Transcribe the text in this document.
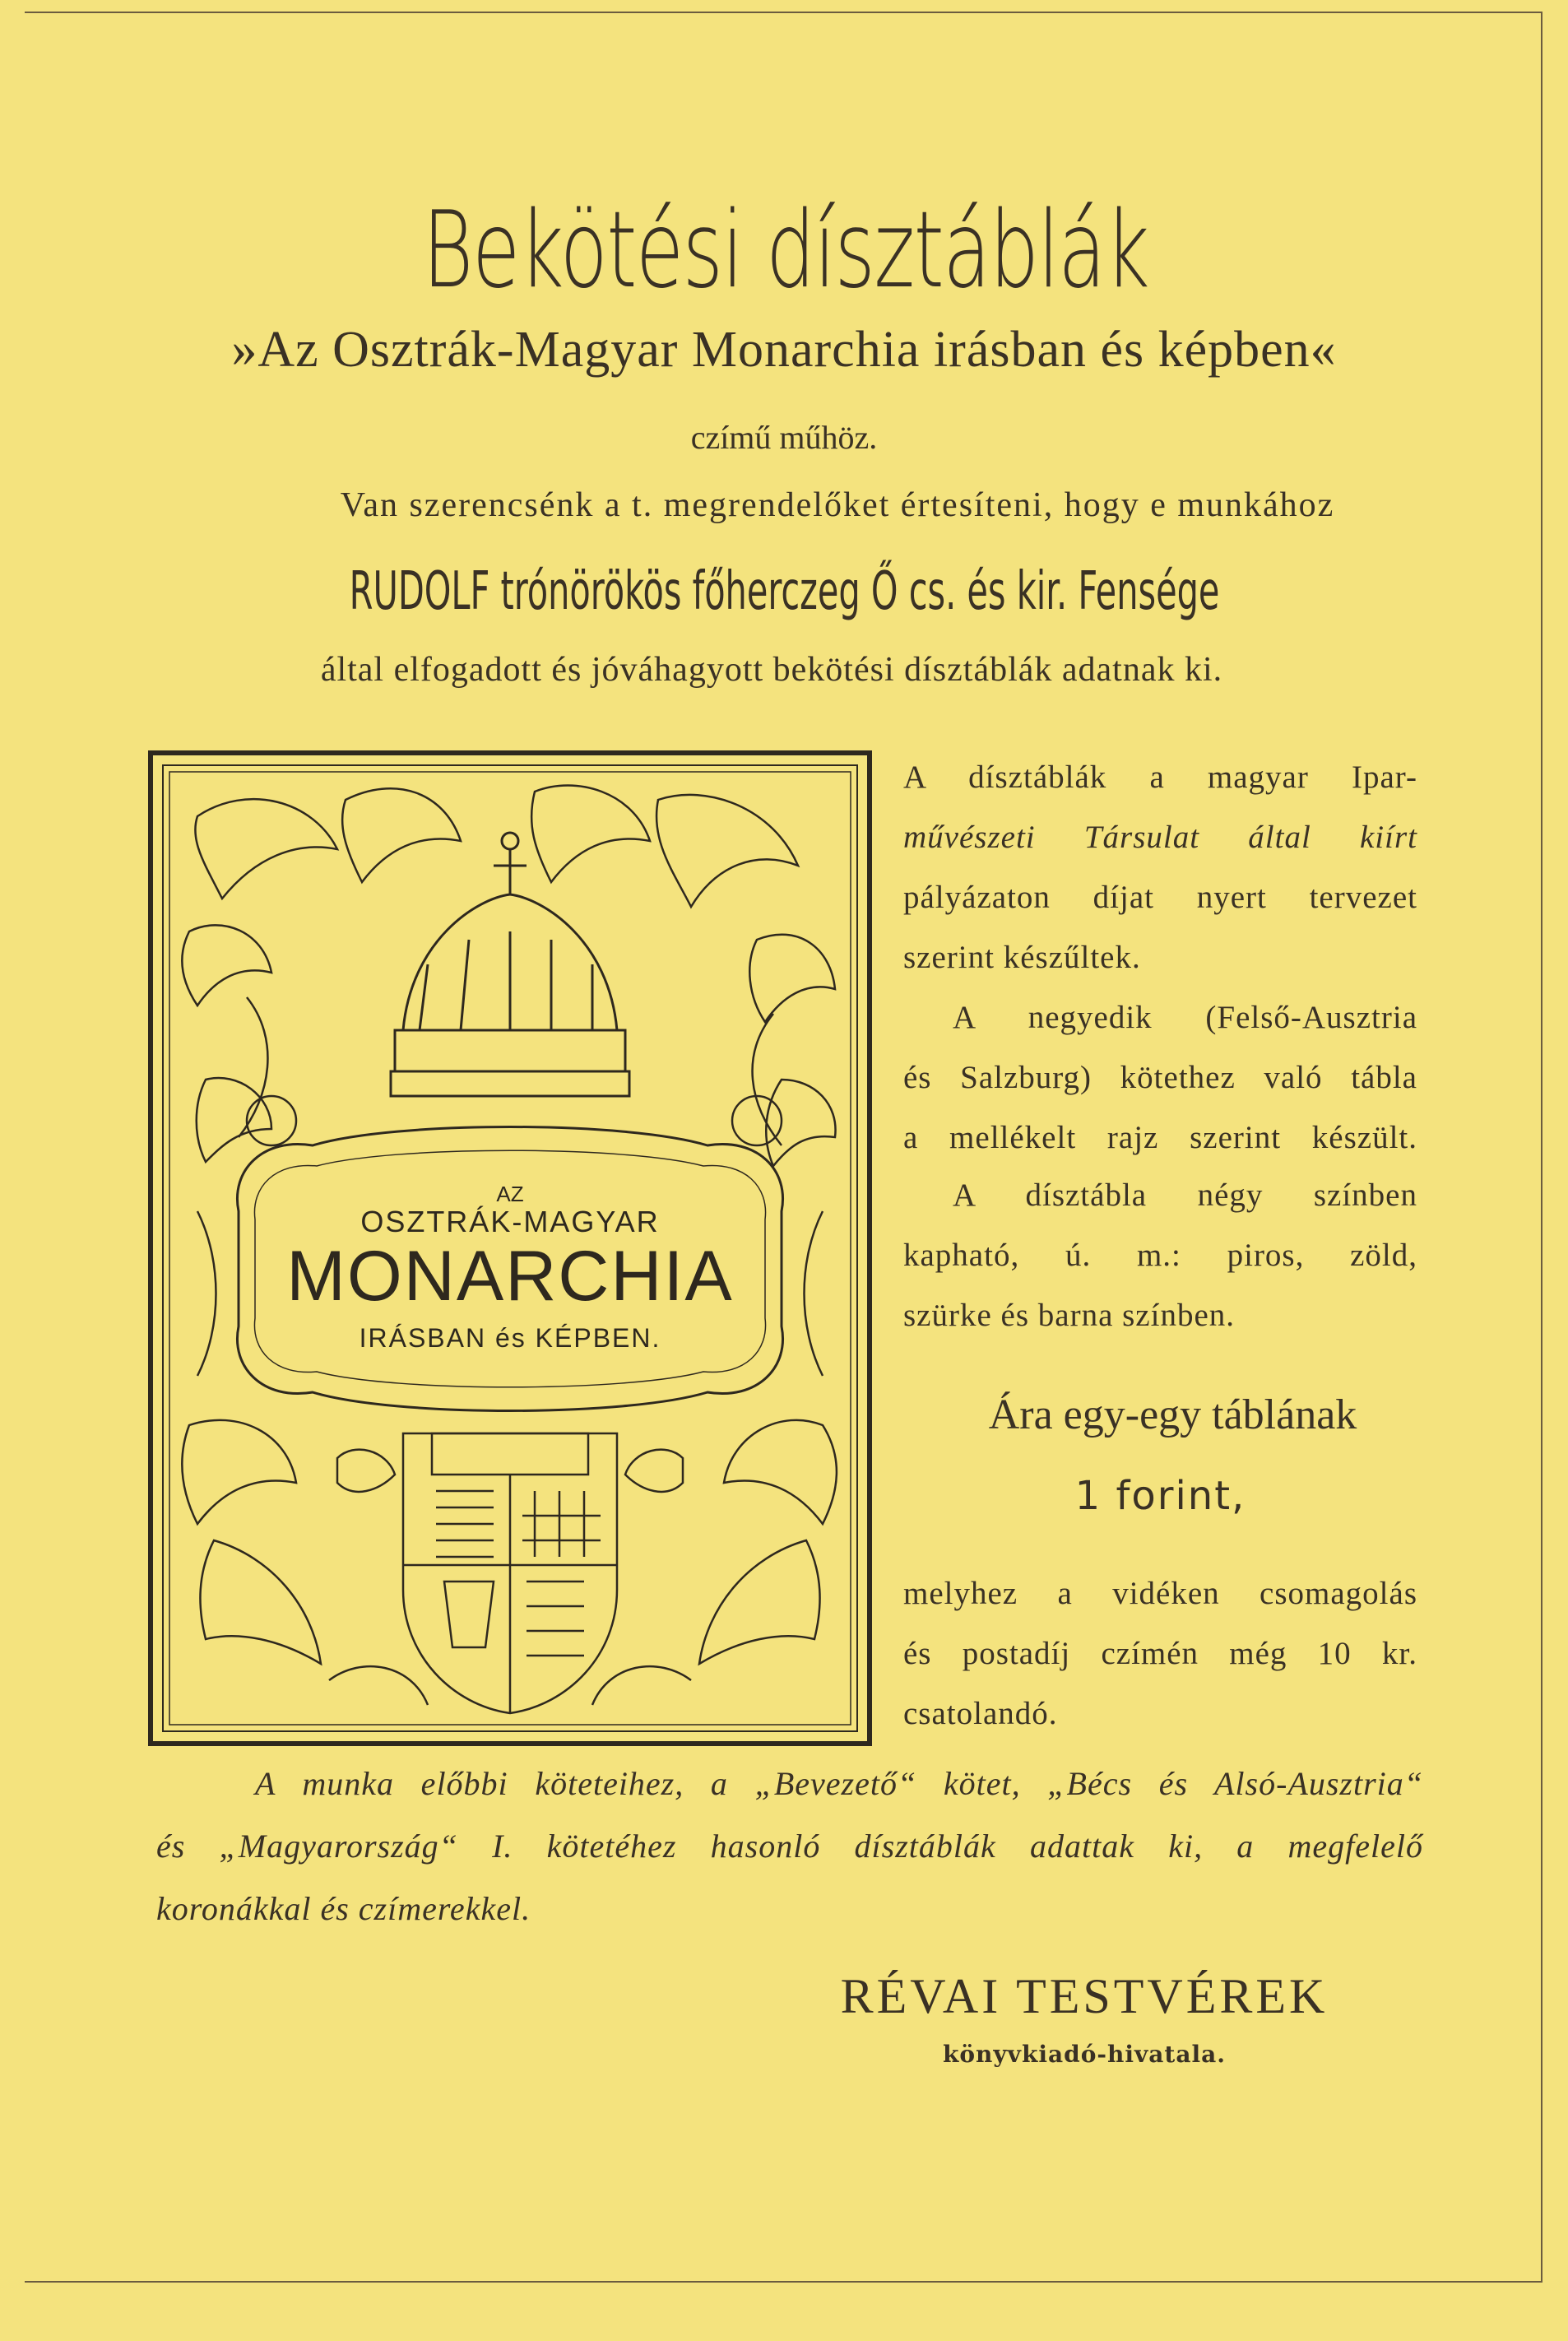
Bekötési dísztáblák
»Az Osztrák-Magyar Monarchia irásban és képben«
czímű műhöz.
Van szerencsénk a t. megrendelőket értesíteni, hogy e munkához
RUDOLF trónörökös főherczeg Ő cs. és kir. Fensége
által elfogadott és jóváhagyott bekötési dísztáblák adatnak ki.
AZ
OSZTRÁK-MAGYAR
MONARCHIA
IRÁSBAN és KÉPBEN.

A dísztáblák a magyar Ipar-

művészeti Társulat által kiírt

pályázaton díjat nyert tervezet

szerint készűltek.

A negyedik (Felső-Ausztria

és Salzburg) kötethez való tábla

a mellékelt rajz szerint készült.

A dísztábla négy színben

kapható, ú. m.: piros, zöld,

szürke és barna színben.

Ára egy-egy táblának
1 forint,

melyhez a vidéken csomagolás

és postadíj czímén még 10 kr.

csatolandó.

A munka előbbi köteteihez, a „Bevezető“ kötet, „Bécs és Alsó-Ausztria“

és „Magyarország“ I. kötetéhez hasonló dísztáblák adattak ki, a megfelelő

koronákkal és czímerekkel.

RÉVAI TESTVÉREK
könyvkiadó-hivatala.
